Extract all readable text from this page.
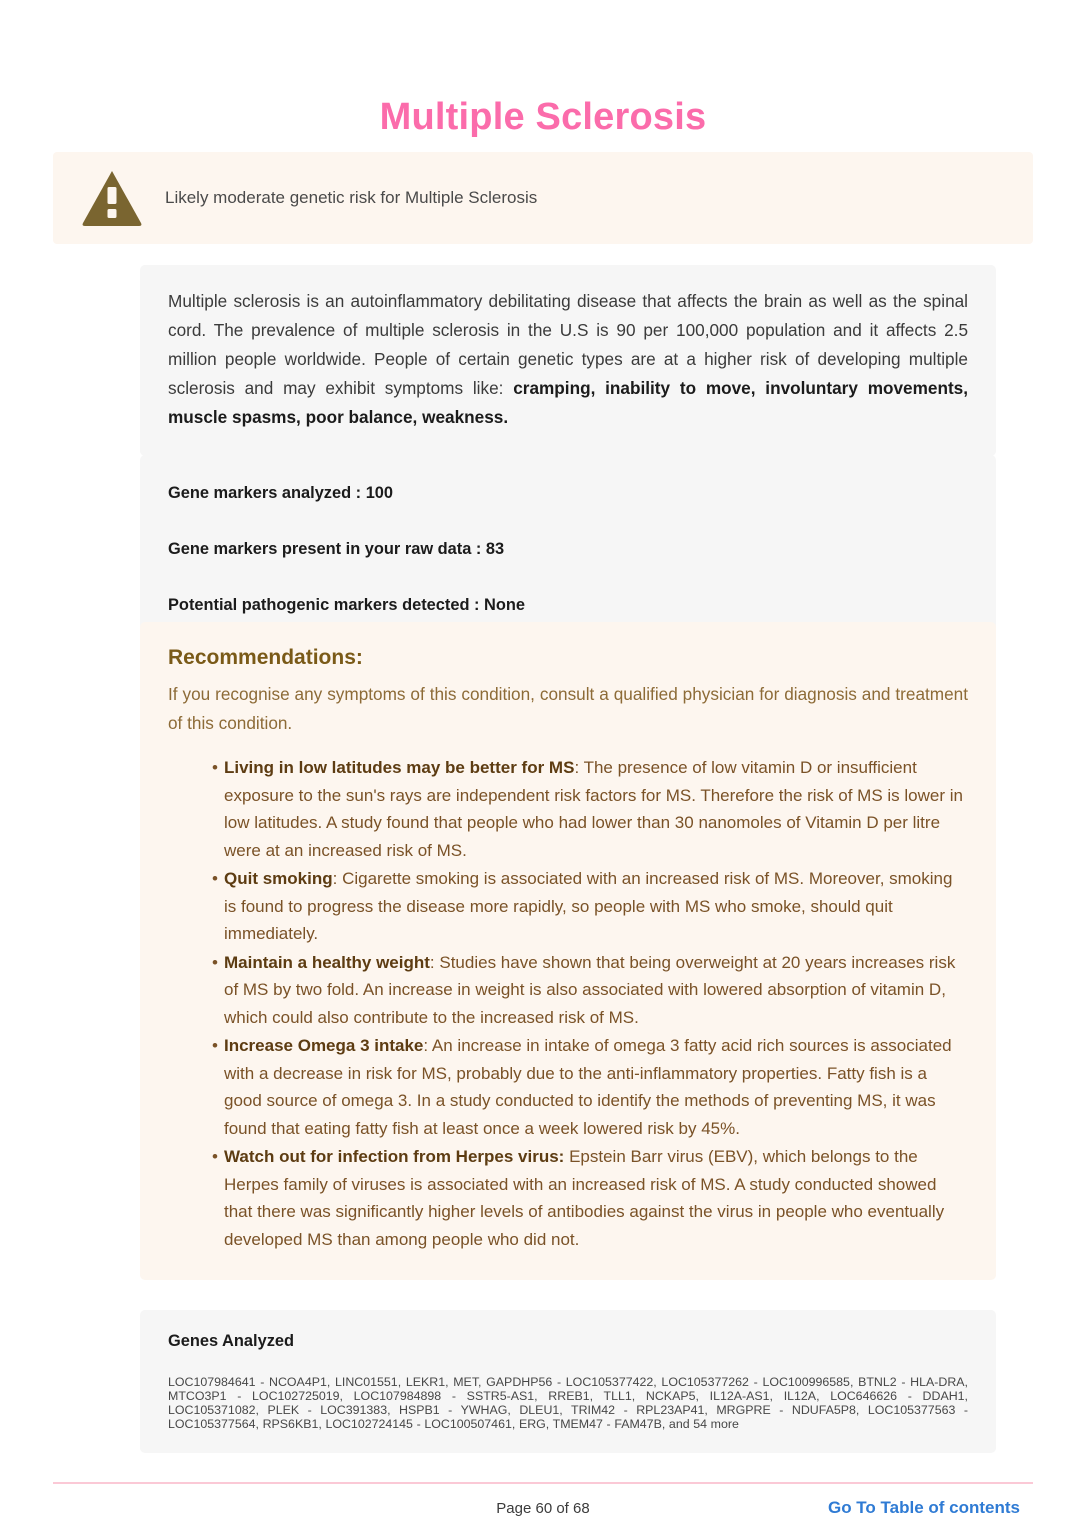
Multiple Sclerosis
Likely moderate genetic risk for Multiple Sclerosis

Multiple sclerosis is an autoinflammatory debilitating disease that affects the brain as well as the spinal cord. The prevalence of multiple sclerosis in the U.S is 90 per 100,000 population and it affects 2.5 million people worldwide. People of certain genetic types are at a higher risk of developing multiple sclerosis and may exhibit symptoms like: cramping, inability to move, involuntary movements, muscle spasms, poor balance, weakness.

Gene markers analyzed : 100

Gene markers present in your raw data : 83

Potential pathogenic markers detected : None

Recommendations:

If you recognise any symptoms of this condition, consult a qualified physician for diagnosis and treatment of this condition.

• Living in low latitudes may be better for MS: The presence of low vitamin D or insufficient exposure to the sun's rays are independent risk factors for MS. Therefore the risk of MS is lower in low latitudes. A study found that people who had lower than 30 nanomoles of Vitamin D per litre were at an increased risk of MS.
• Quit smoking: Cigarette smoking is associated with an increased risk of MS. Moreover, smoking is found to progress the disease more rapidly, so people with MS who smoke, should quit immediately.
• Maintain a healthy weight: Studies have shown that being overweight at 20 years increases risk of MS by two fold. An increase in weight is also associated with lowered absorption of vitamin D, which could also contribute to the increased risk of MS.
• Increase Omega 3 intake: An increase in intake of omega 3 fatty acid rich sources is associated with a decrease in risk for MS, probably due to the anti-inflammatory properties. Fatty fish is a good source of omega 3. In a study conducted to identify the methods of preventing MS, it was found that eating fatty fish at least once a week lowered risk by 45%.
• Watch out for infection from Herpes virus: Epstein Barr virus (EBV), which belongs to the Herpes family of viruses is associated with an increased risk of MS. A study conducted showed that there was significantly higher levels of antibodies against the virus in people who eventually developed MS than among people who did not.
Genes Analyzed

LOC107984641 - NCOA4P1, LINC01551, LEKR1, MET, GAPDHP56 - LOC105377422, LOC105377262 - LOC100996585, BTNL2 - HLA-DRA, MTCO3P1 - LOC102725019, LOC107984898 - SSTR5-AS1, RREB1, TLL1, NCKAP5, IL12A-AS1, IL12A, LOC646626 - DDAH1, LOC105371082, PLEK - LOC391383, HSPB1 - YWHAG, DLEU1, TRIM42 - RPL23AP41, MRGPRE - NDUFA5P8, LOC105377563 - LOC105377564, RPS6KB1, LOC102724145 - LOC100507461, ERG, TMEM47 - FAM47B, and 54 more

Page 60 of 68	Go To Table of contents
